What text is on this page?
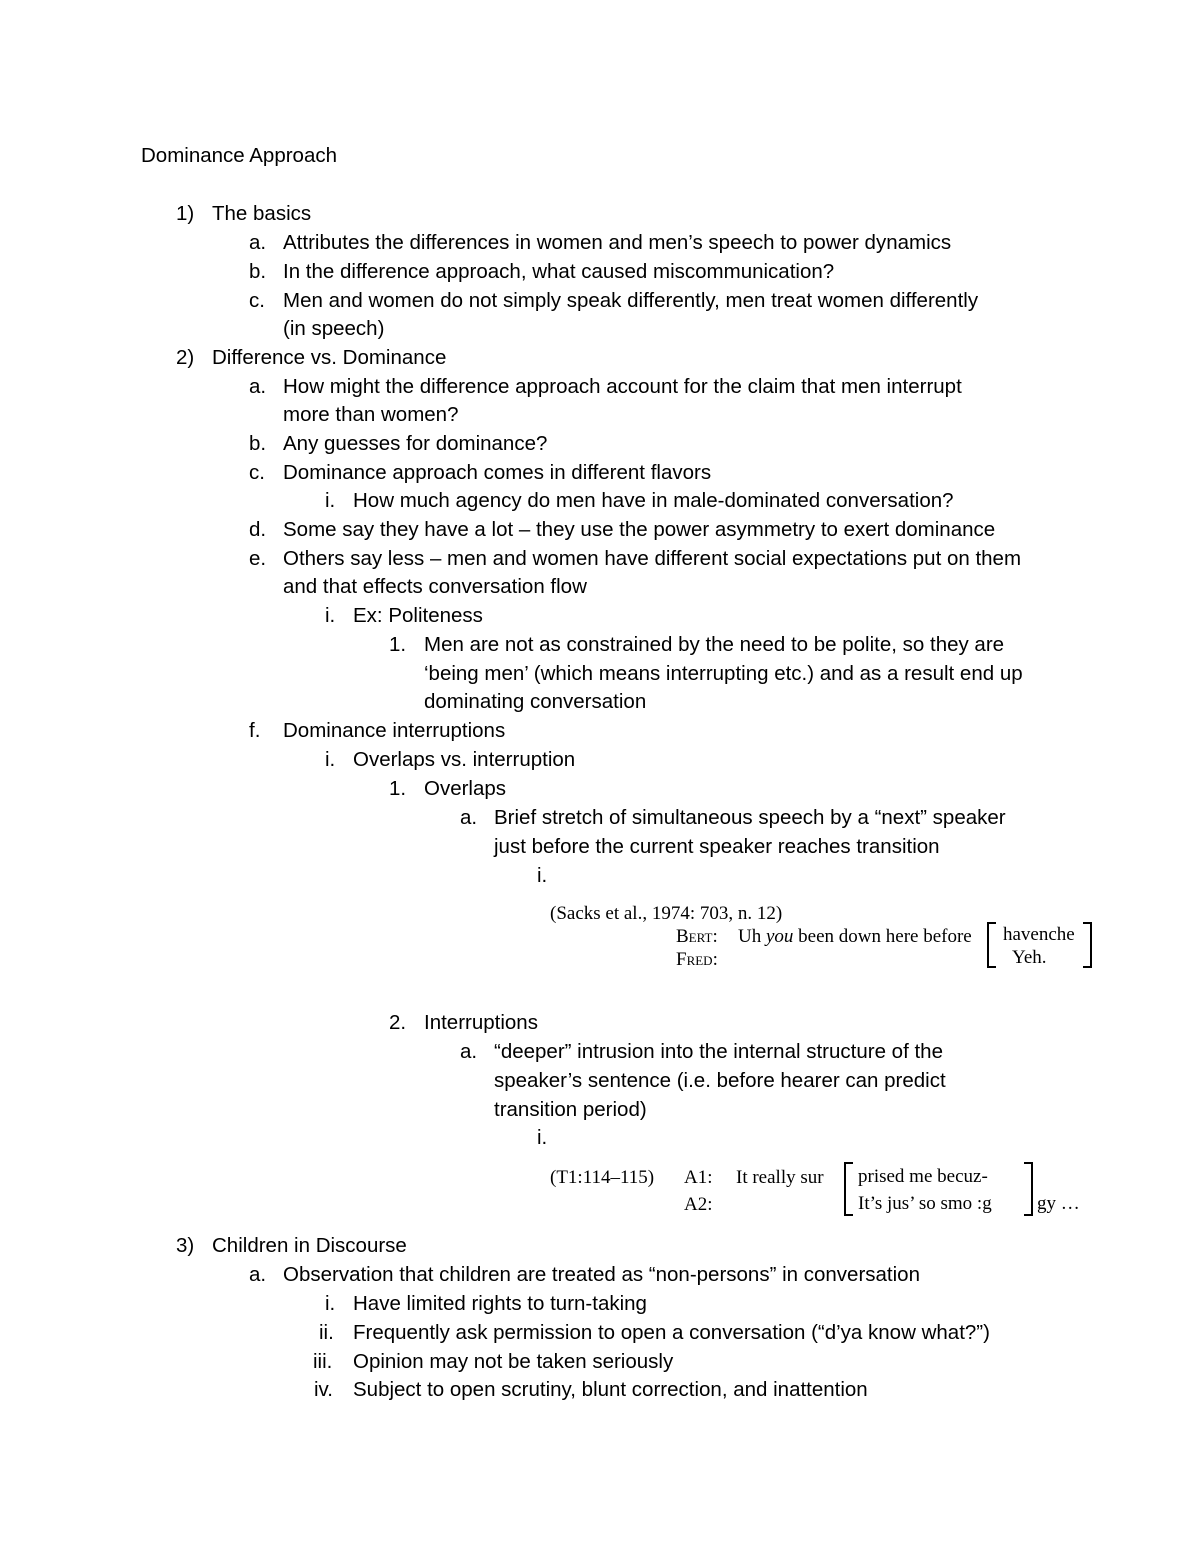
Dominance Approach
1) The basics
a. Attributes the differences in women and men’s speech to power dynamics
b. In the difference approach, what caused miscommunication?
c. Men and women do not simply speak differently, men treat women differently
(in speech)
2) Difference vs. Dominance
a. How might the difference approach account for the claim that men interrupt
more than women?
b. Any guesses for dominance?
c. Dominance approach comes in different flavors
i. How much agency do men have in male-dominated conversation?
d. Some say they have a lot – they use the power asymmetry to exert dominance
e. Others say less – men and women have different social expectations put on them
and that effects conversation flow
i. Ex: Politeness
1. Men are not as constrained by the need to be polite, so they are
‘being men’ (which means interrupting etc.) and as a result end up
dominating conversation
f. Dominance interruptions
i. Overlaps vs. interruption
1. Overlaps
a. Brief stretch of simultaneous speech by a “next” speaker
just before the current speaker reaches transition
i.
(Sacks et al., 1974: 703, n. 12)
Bert: Uh you been down here before
Fred:
havenche
Yeh.
2. Interruptions
a. “deeper” intrusion into the internal structure of the
speaker’s sentence (i.e. before hearer can predict
transition period)
i.
(T1:114–115) A1: It really sur
A2:
prised me becuz-
It’s jus’ so smo :g gy …
3) Children in Discourse
a. Observation that children are treated as “non-persons” in conversation
i. Have limited rights to turn-taking
ii. Frequently ask permission to open a conversation (“d’ya know what?”)
iii. Opinion may not be taken seriously
iv. Subject to open scrutiny, blunt correction, and inattention
